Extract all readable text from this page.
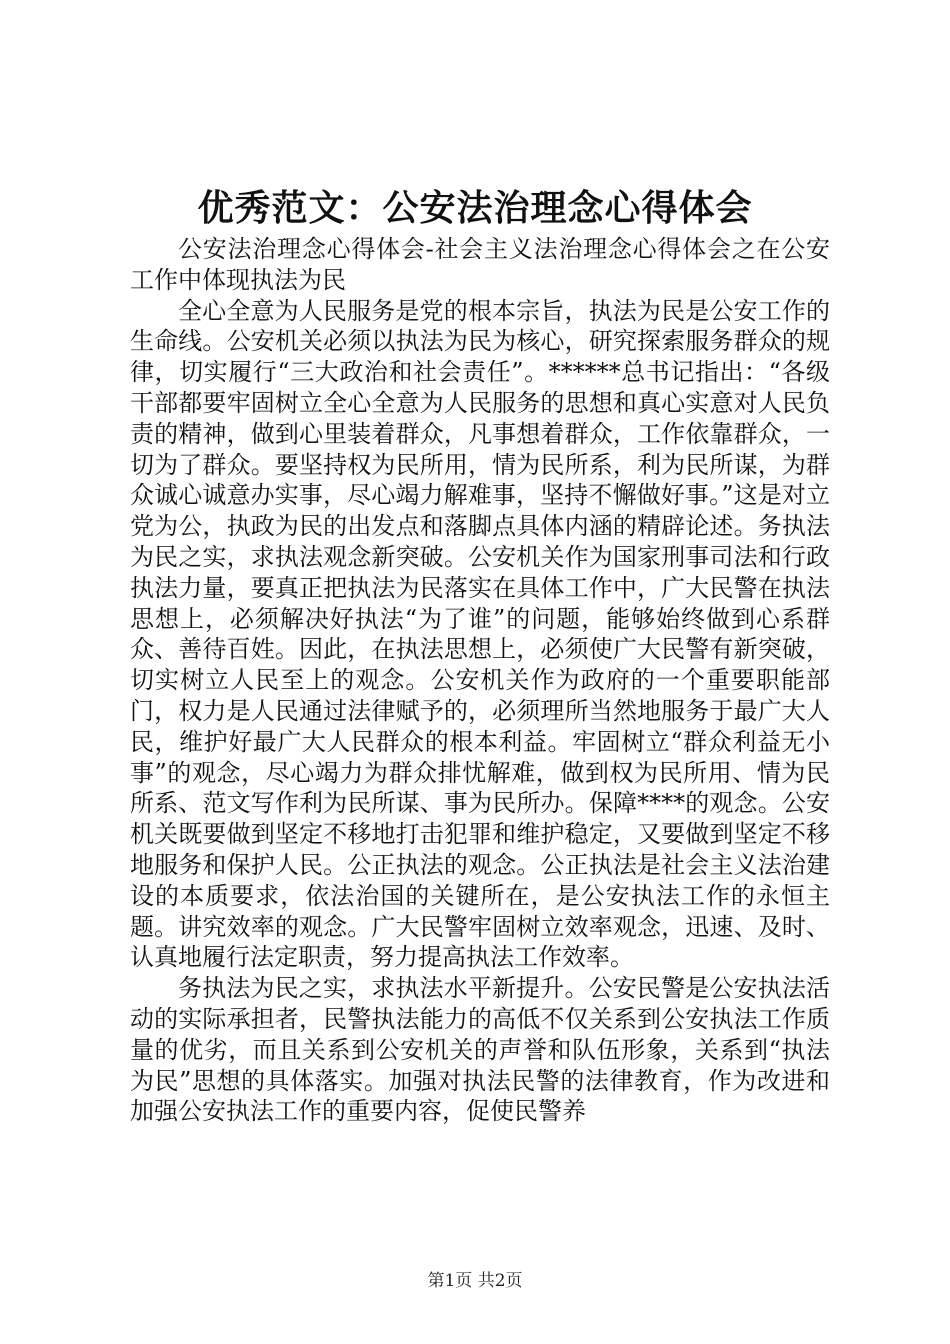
优秀范文：公安法治理念心得体会

公安法治理念心得体会-社会主义法治理念心得体会之在公安工作中体现执法为民

全心全意为人民服务是党的根本宗旨，执法为民是公安工作的生命线。公安机关必须以执法为民为核心，研究探索服务群众的规律，切实履行“三大政治和社会责任”。******总书记指出：“各级干部都要牢固树立全心全意为人民服务的思想和真心实意对人民负责的精神，做到心里装着群众，凡事想着群众，工作依靠群众，一切为了群众。要坚持权为民所用，情为民所系，利为民所谋，为群众诚心诚意办实事，尽心竭力解难事，坚持不懈做好事。”这是对立党为公，执政为民的出发点和落脚点具体内涵的精辟论述。务执法为民之实，求执法观念新突破。公安机关作为国家刑事司法和行政执法力量，要真正把执法为民落实在具体工作中，广大民警在执法思想上，必须解决好执法“为了谁”的问题，能够始终做到心系群众、善待百姓。因此，在执法思想上，必须使广大民警有新突破，切实树立人民至上的观念。公安机关作为政府的一个重要职能部门，权力是人民通过法律赋予的，必须理所当然地服务于最广大人民，维护好最广大人民群众的根本利益。牢固树立“群众利益无小事”的观念，尽心竭力为群众排忧解难，做到权为民所用、情为民所系、范文写作利为民所谋、事为民所办。保障****的观念。公安机关既要做到坚定不移地打击犯罪和维护稳定，又要做到坚定不移地服务和保护人民。公正执法的观念。公正执法是社会主义法治建设的本质要求，依法治国的关键所在，是公安执法工作的永恒主题。讲究效率的观念。广大民警牢固树立效率观念，迅速、及时、认真地履行法定职责，努力提高执法工作效率。

务执法为民之实，求执法水平新提升。公安民警是公安执法活动的实际承担者，民警执法能力的高低不仅关系到公安执法工作质量的优劣，而且关系到公安机关的声誉和队伍形象，关系到“执法为民”思想的具体落实。加强对执法民警的法律教育，作为改进和加强公安执法工作的重要内容，促使民警养

第1页 共2页
